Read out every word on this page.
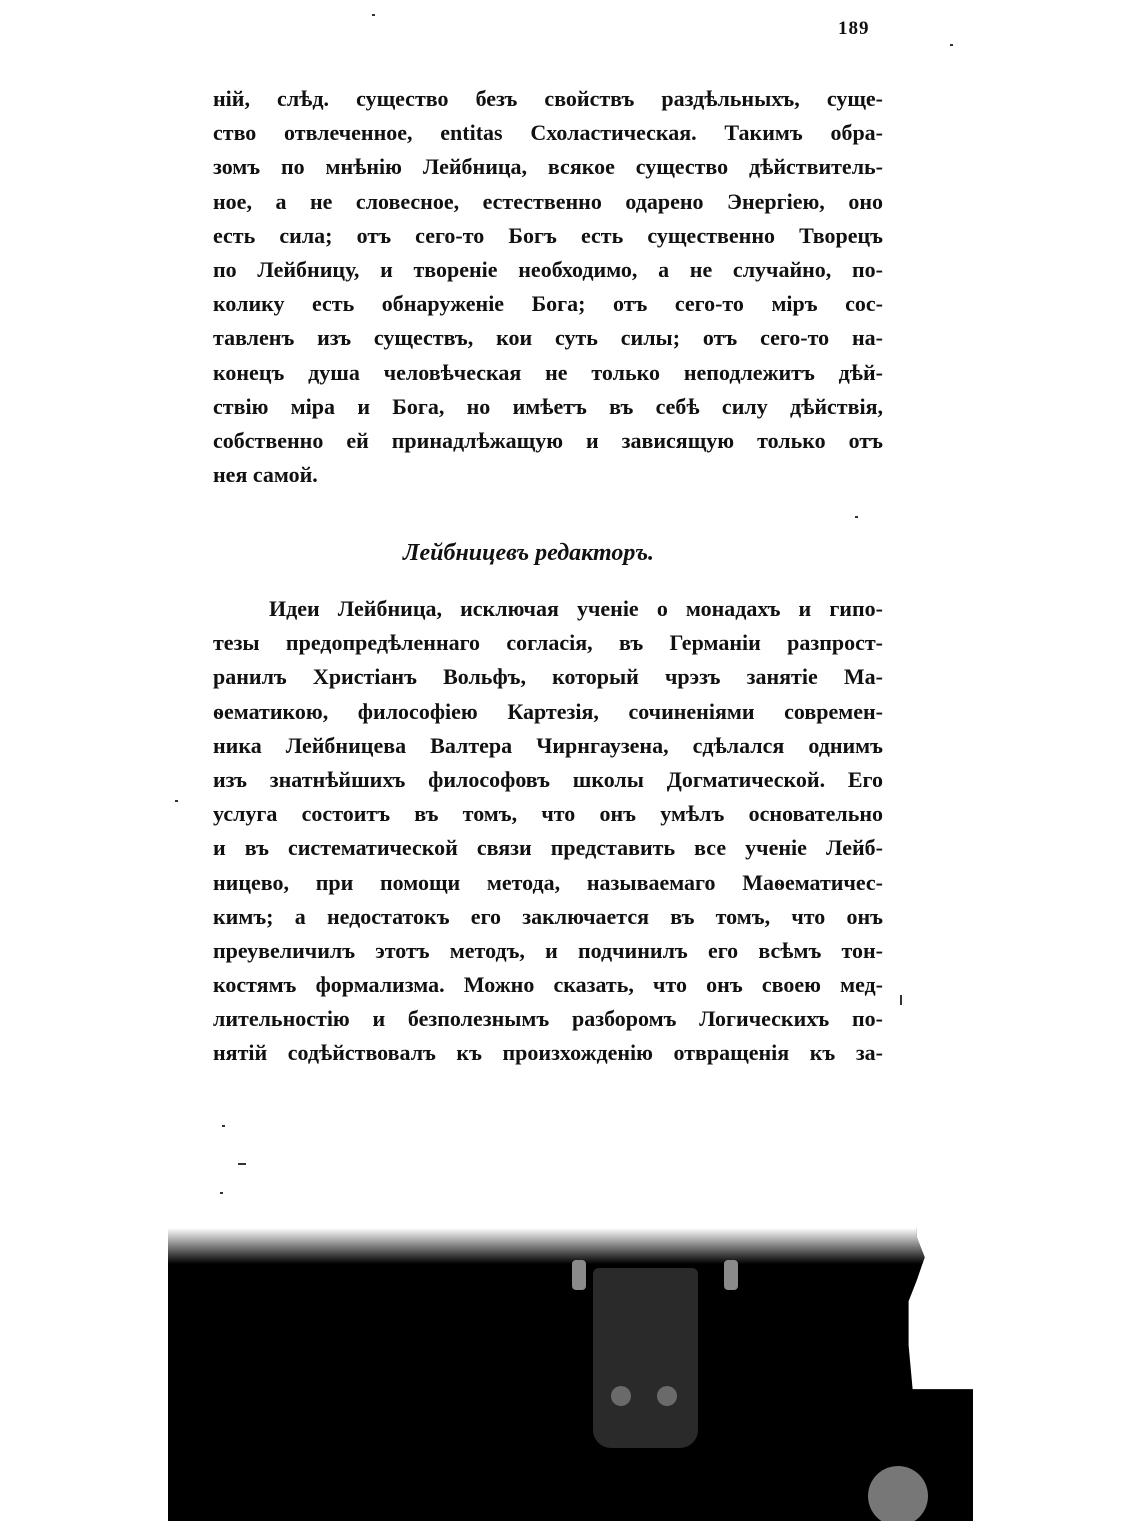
189
нiй, слѣд. существо безъ свойствъ раздѣльныхъ, суще-
ство отвлеченное, entitas Схоластическая. Такимъ обра-
зомъ по мнѣнiю Лейбница, всякое существо дѣйствитель-
ное, а не словесное, естественно одарено Энергiею, оно
есть сила; отъ сего-то Богъ есть существенно Творецъ
по Лейбницу, и творенiе необходимо, а не случайно, по-
колику есть обнаруженiе Бога; отъ сего-то мiръ сос-
тавленъ изъ существъ, кои суть силы; отъ сего-то на-
конецъ душа человѣческая не только неподлежитъ дѣй-
ствiю мiра и Бога, но имѣетъ въ себѣ силу дѣйствiя,
собственно ей принадлѣжащую и зависящую только отъ
нея самой.
Лейбницевъ редакторъ.
Идеи Лейбница, исключая ученiе о монадахъ и гипо-
тезы предопредѣленнаго согласiя, въ Германiи разпрост-
ранилъ Христiанъ Вольфъ, который чрэзъ занятiе Ма-
ѳематикою, философiею Картезiя, сочиненiями современ-
ника Лейбницева Валтера Чирнгаузена, сдѣлался однимъ
изъ знатнѣйшихъ философовъ школы Догматической. Его
услуга состоитъ въ томъ, что онъ умѣлъ основательно
и въ систематической связи представить все ученiе Лейб-
ницево, при помощи метода, называемаго Маѳематичес-
кимъ; а недостатокъ его заключается въ томъ, что онъ
преувеличилъ этотъ методъ, и подчинилъ его всѣмъ тон-
костямъ формализма. Можно сказать, что онъ своею мед-
лительностiю и безполезнымъ разборомъ Логическихъ по-
нятiй содѣйствовалъ къ произхожденiю отвращенiя къ за-
